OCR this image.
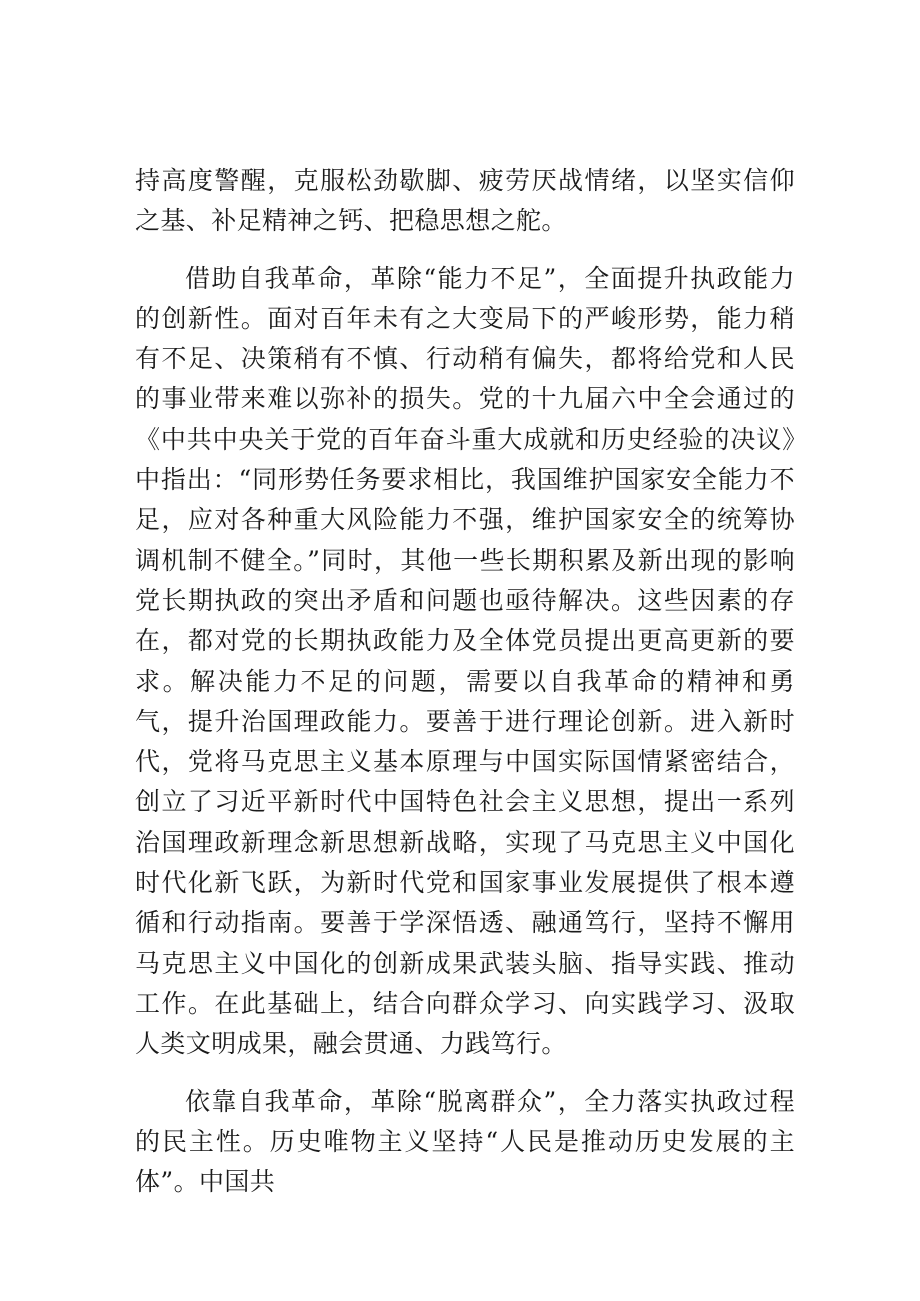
持高度警醒，克服松劲歇脚、疲劳厌战情绪，以坚实信仰之基、补足精神之钙、把稳思想之舵。

借助自我革命，革除“能力不足”，全面提升执政能力的创新性。面对百年未有之大变局下的严峻形势，能力稍有不足、决策稍有不慎、行动稍有偏失，都将给党和人民的事业带来难以弥补的损失。党的十九届六中全会通过的《中共中央关于党的百年奋斗重大成就和历史经验的决议》中指出：“同形势任务要求相比，我国维护国家安全能力不足，应对各种重大风险能力不强，维护国家安全的统筹协调机制不健全。”同时，其他一些长期积累及新出现的影响党长期执政的突出矛盾和问题也亟待解决。这些因素的存在，都对党的长期执政能力及全体党员提出更高更新的要求。解决能力不足的问题，需要以自我革命的精神和勇气，提升治国理政能力。要善于进行理论创新。进入新时代，党将马克思主义基本原理与中国实际国情紧密结合，创立了习近平新时代中国特色社会主义思想，提出一系列治国理政新理念新思想新战略，实现了马克思主义中国化时代化新飞跃，为新时代党和国家事业发展提供了根本遵循和行动指南。要善于学深悟透、融通笃行，坚持不懈用马克思主义中国化的创新成果武装头脑、指导实践、推动工作。在此基础上，结合向群众学习、向实践学习、汲取人类文明成果，融会贯通、力践笃行。

依靠自我革命，革除“脱离群众”，全力落实执政过程的民主性。历史唯物主义坚持“人民是推动历史发展的主体”。中国共
